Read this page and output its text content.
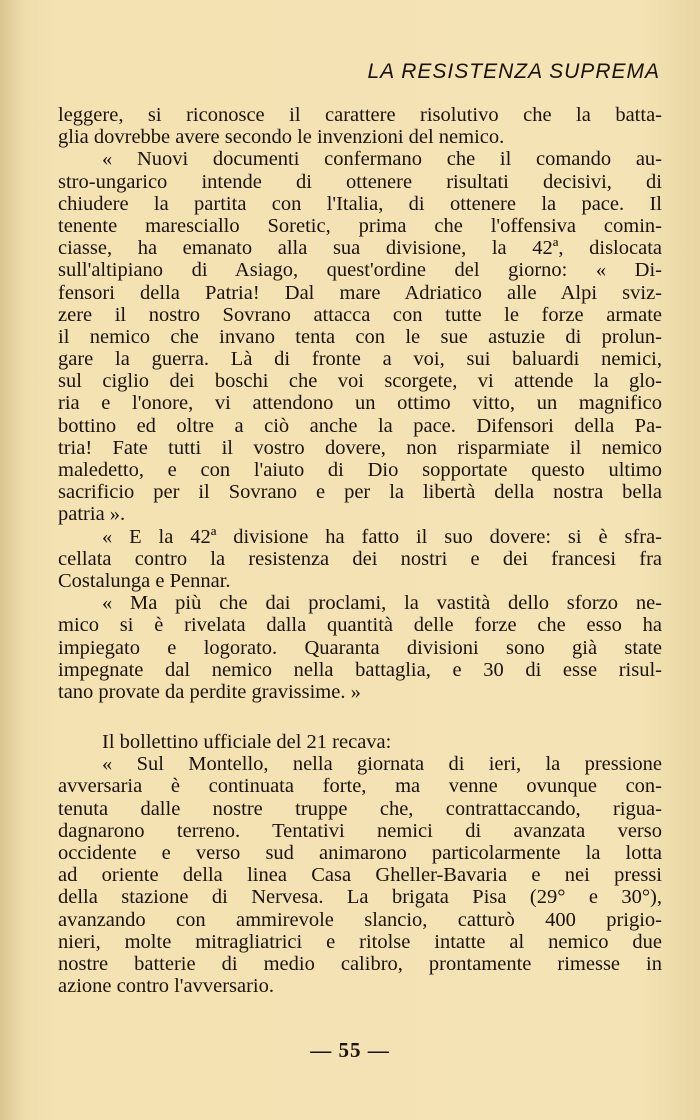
LA RESISTENZA SUPREMA
leggere, si riconosce il carattere risolutivo che la batta-
glia dovrebbe avere secondo le invenzioni del nemico.
« Nuovi documenti confermano che il comando au-
stro-ungarico intende di ottenere risultati decisivi, di
chiudere la partita con l'Italia, di ottenere la pace. Il
tenente maresciallo Soretic, prima che l'offensiva comin-
ciasse, ha emanato alla sua divisione, la 42ª, dislocata
sull'altipiano di Asiago, quest'ordine del giorno: « Di-
fensori della Patria! Dal mare Adriatico alle Alpi sviz-
zere il nostro Sovrano attacca con tutte le forze armate
il nemico che invano tenta con le sue astuzie di prolun-
gare la guerra. Là di fronte a voi, sui baluardi nemici,
sul ciglio dei boschi che voi scorgete, vi attende la glo-
ria e l'onore, vi attendono un ottimo vitto, un magnifico
bottino ed oltre a ciò anche la pace. Difensori della Pa-
tria! Fate tutti il vostro dovere, non risparmiate il nemico
maledetto, e con l'aiuto di Dio sopportate questo ultimo
sacrificio per il Sovrano e per la libertà della nostra bella
patria ».
« E la 42ª divisione ha fatto il suo dovere: si è sfra-
cellata contro la resistenza dei nostri e dei francesi fra
Costalunga e Pennar.
« Ma più che dai proclami, la vastità dello sforzo ne-
mico si è rivelata dalla quantità delle forze che esso ha
impiegato e logorato. Quaranta divisioni sono già state
impegnate dal nemico nella battaglia, e 30 di esse risul-
tano provate da perdite gravissime. »
Il bollettino ufficiale del 21 recava:
« Sul Montello, nella giornata di ieri, la pressione
avversaria è continuata forte, ma venne ovunque con-
tenuta dalle nostre truppe che, contrattaccando, rigua-
dagnarono terreno. Tentativi nemici di avanzata verso
occidente e verso sud animarono particolarmente la lotta
ad oriente della linea Casa Gheller-Bavaria e nei pressi
della stazione di Nervesa. La brigata Pisa (29° e 30°),
avanzando con ammirevole slancio, catturò 400 prigio-
nieri, molte mitragliatrici e ritolse intatte al nemico due
nostre batterie di medio calibro, prontamente rimesse in
azione contro l'avversario.
— 55 —
